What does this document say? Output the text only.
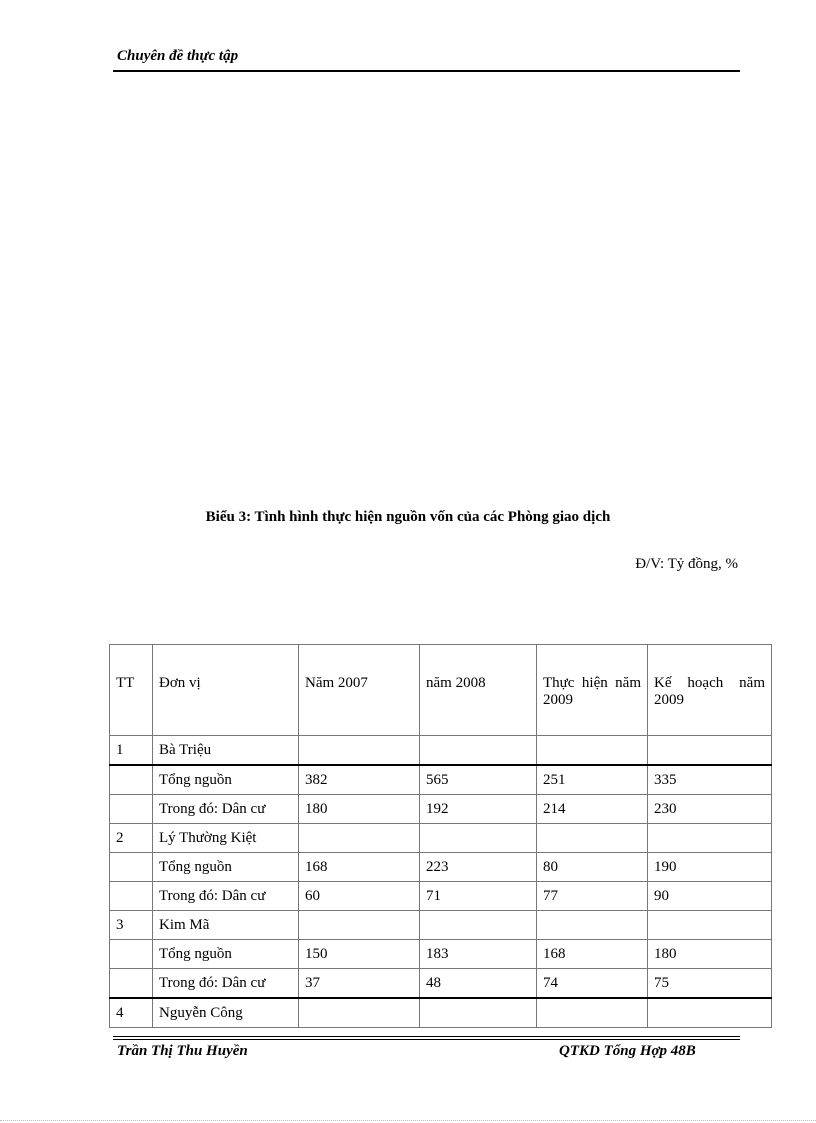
Chuyên đề thực tập
Biểu 3: Tình hình thực hiện nguồn vốn của các Phòng giao dịch
Đ/V: Tỷ đồng, %
TT	Đơn vị	Năm 2007	năm 2008	Thực hiện năm 2009	Kế hoạch năm 2009
1	Bà Triệu				
	Tổng nguồn	382	565	251	335
	Trong đó: Dân cư	180	192	214	230
2	Lý Thường Kiệt				
	Tổng nguồn	168	223	80	190
	Trong đó: Dân cư	60	71	77	90
3	Kim Mã				
	Tổng nguồn	150	183	168	180
	Trong đó: Dân cư	37	48	74	75
4	Nguyễn Công				
Trần Thị Thu Huyền	QTKD Tổng Hợp 48B
